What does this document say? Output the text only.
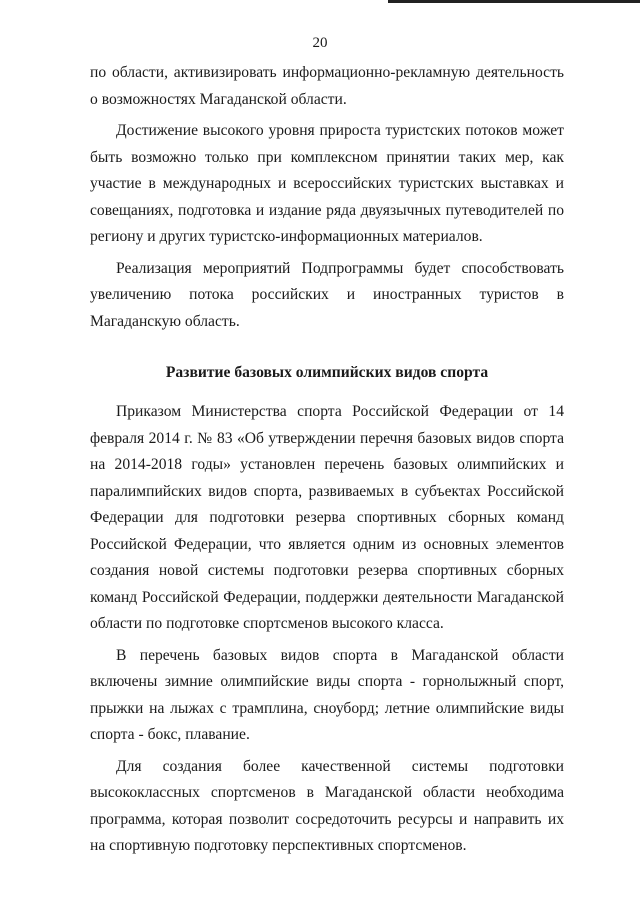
20

по области, активизировать информационно-рекламную деятельность о возможностях Магаданской области.

Достижение высокого уровня прироста туристских потоков может быть возможно только при комплексном принятии таких мер, как участие в международных и всероссийских туристских выставках и совещаниях, подготовка и издание ряда двуязычных путеводителей по региону и других туристско-информационных материалов.

Реализация мероприятий Подпрограммы будет способствовать увеличению потока российских и иностранных туристов в Магаданскую область.

Развитие базовых олимпийских видов спорта

Приказом Министерства спорта Российской Федерации от 14 февраля 2014 г. № 83 «Об утверждении перечня базовых видов спорта на 2014-2018 годы» установлен перечень базовых олимпийских и паралимпийских видов спорта, развиваемых в субъектах Российской Федерации для подготовки резерва спортивных сборных команд Российской Федерации, что является одним из основных элементов создания новой системы подготовки резерва спортивных сборных команд Российской Федерации, поддержки деятельности Магаданской области по подготовке спортсменов высокого класса.

В перечень базовых видов спорта в Магаданской области включены зимние олимпийские виды спорта - горнолыжный спорт, прыжки на лыжах с трамплина, сноуборд; летние олимпийские виды спорта - бокс, плавание.

Для создания более качественной системы подготовки высококлассных спортсменов в Магаданской области необходима программа, которая позволит сосредоточить ресурсы и направить их на спортивную подготовку перспективных спортсменов.
